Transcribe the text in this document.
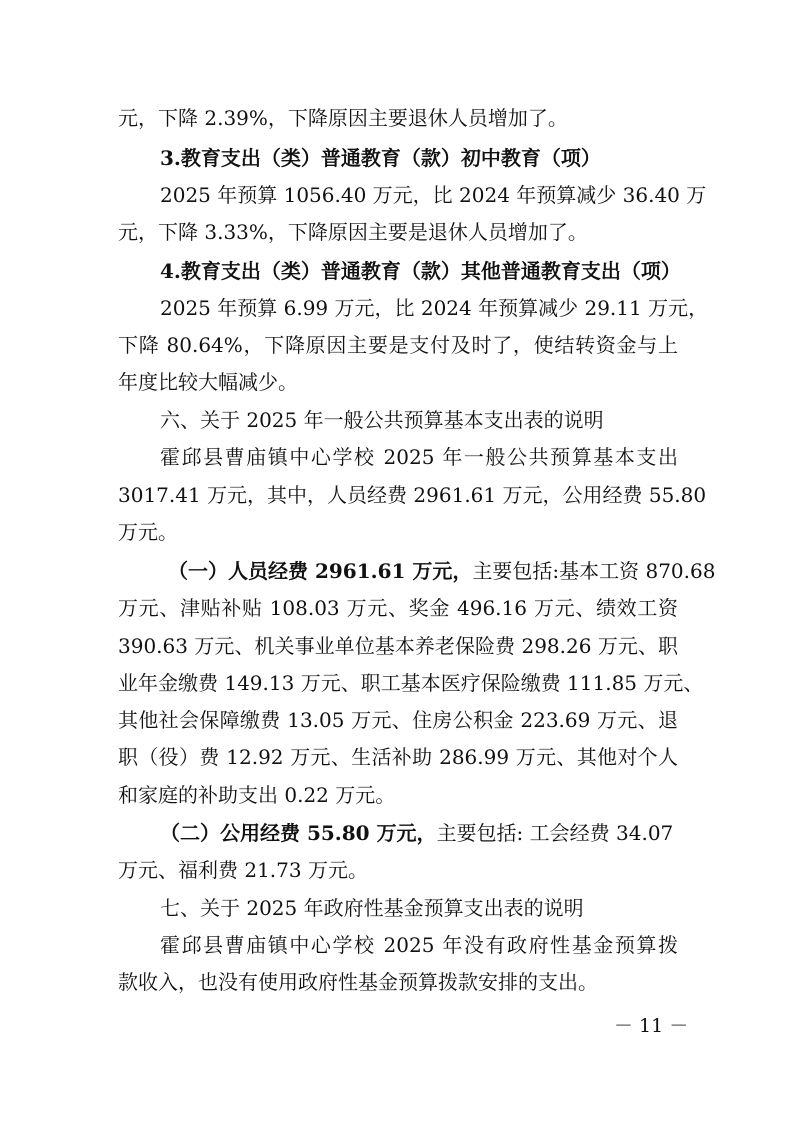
元，下降 2.39%，下降原因主要退休人员增加了。
3.教育支出（类）普通教育（款）初中教育（项）
2025 年预算 1056.40 万元，比 2024 年预算减少 36.40 万
元，下降 3.33%，下降原因主要是退休人员增加了。
4.教育支出（类）普通教育（款）其他普通教育支出（项）
2025 年预算 6.99 万元，比 2024 年预算减少 29.11 万元，
下降 80.64%，下降原因主要是支付及时了，使结转资金与上
年度比较大幅减少。
六、关于 2025 年一般公共预算基本支出表的说明
霍邱县曹庙镇中心学校 2025 年一般公共预算基本支出
3017.41 万元，其中，人员经费 2961.61 万元，公用经费 55.80
万元。
（一）人员经费 2961.61 万元，主要包括:基本工资 870.68
万元、津贴补贴 108.03 万元、奖金 496.16 万元、绩效工资
390.63 万元、机关事业单位基本养老保险费 298.26 万元、职
业年金缴费 149.13 万元、职工基本医疗保险缴费 111.85 万元、
其他社会保障缴费 13.05 万元、住房公积金 223.69 万元、退
职（役）费 12.92 万元、生活补助 286.99 万元、其他对个人
和家庭的补助支出 0.22 万元。
（二）公用经费 55.80 万元，主要包括: 工会经费 34.07
万元、福利费 21.73 万元。
七、关于 2025 年政府性基金预算支出表的说明
霍邱县曹庙镇中心学校 2025 年没有政府性基金预算拨
款收入，也没有使用政府性基金预算拨款安排的支出。
－ 11 －
